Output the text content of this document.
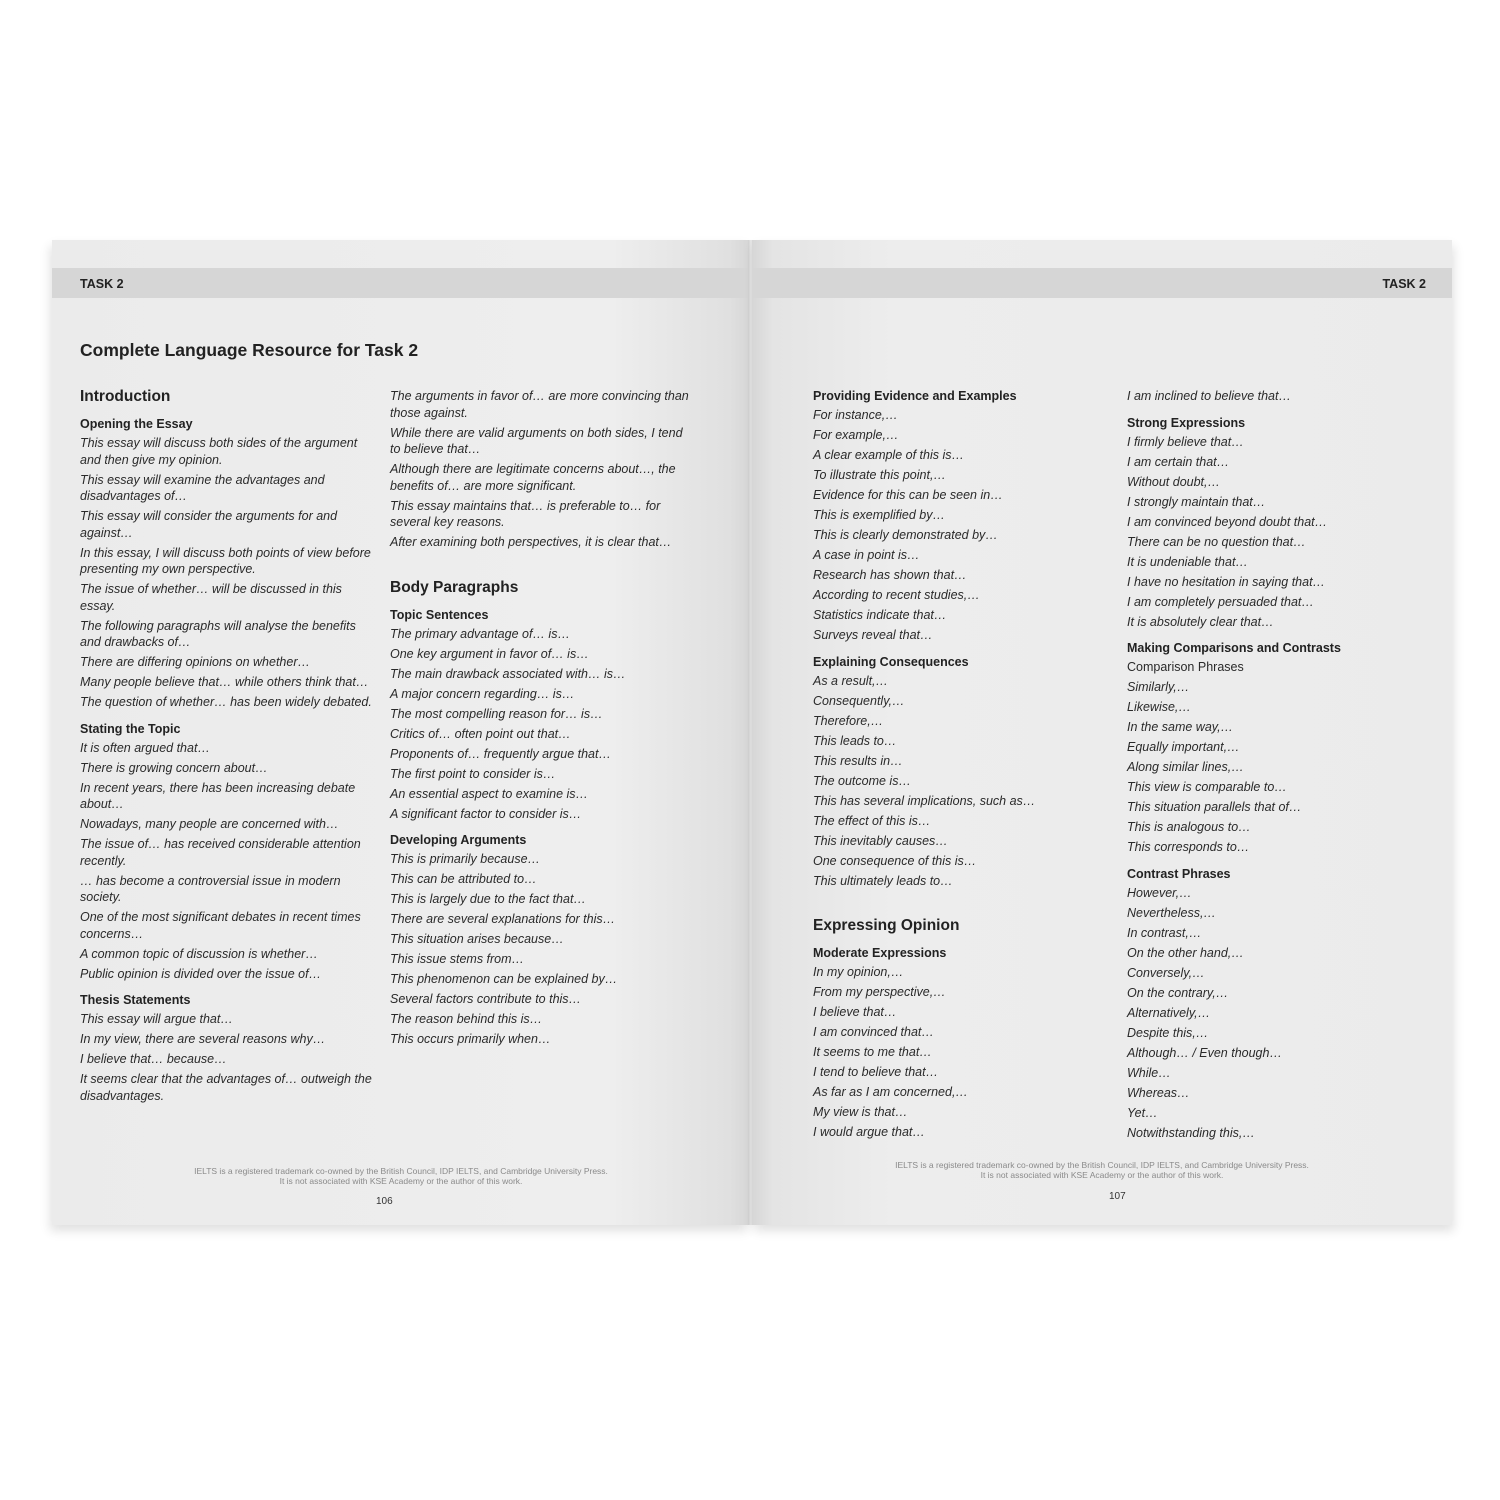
TASK 2
Complete Language Resource for Task 2
Introduction
Opening the Essay
This essay will discuss both sides of the argument and then give my opinion.
This essay will examine the advantages and disadvantages of…
This essay will consider the arguments for and against…
In this essay, I will discuss both points of view before presenting my own perspective.
The issue of whether… will be discussed in this essay.
The following paragraphs will analyse the benefits and drawbacks of…
There are differing opinions on whether…
Many people believe that… while others think that…
The question of whether… has been widely debated.
Stating the Topic
It is often argued that…
There is growing concern about…
In recent years, there has been increasing debate about…
Nowadays, many people are concerned with…
The issue of… has received considerable attention recently.
… has become a controversial issue in modern society.
One of the most significant debates in recent times concerns…
A common topic of discussion is whether…
Public opinion is divided over the issue of…
Thesis Statements
This essay will argue that…
In my view, there are several reasons why…
I believe that… because…
It seems clear that the advantages of… outweigh the disadvantages.
The arguments in favor of… are more convincing than those against.
While there are valid arguments on both sides, I tend to believe that…
Although there are legitimate concerns about…, the benefits of… are more significant.
This essay maintains that… is preferable to… for several key reasons.
After examining both perspectives, it is clear that…
Body Paragraphs
Topic Sentences
The primary advantage of… is…
One key argument in favor of… is…
The main drawback associated with… is…
A major concern regarding… is…
The most compelling reason for… is…
Critics of… often point out that…
Proponents of… frequently argue that…
The first point to consider is…
An essential aspect to examine is…
A significant factor to consider is…
Developing Arguments
This is primarily because…
This can be attributed to…
This is largely due to the fact that…
There are several explanations for this…
This situation arises because…
This issue stems from…
This phenomenon can be explained by…
Several factors contribute to this…
The reason behind this is…
This occurs primarily when…
IELTS is a registered trademark co-owned by the British Council, IDP IELTS, and Cambridge University Press.
It is not associated with KSE Academy or the author of this work.
106
TASK 2
Providing Evidence and Examples
For instance,…
For example,…
A clear example of this is…
To illustrate this point,…
Evidence for this can be seen in…
This is exemplified by…
This is clearly demonstrated by…
A case in point is…
Research has shown that…
According to recent studies,…
Statistics indicate that…
Surveys reveal that…
Explaining Consequences
As a result,…
Consequently,…
Therefore,…
This leads to…
This results in…
The outcome is…
This has several implications, such as…
The effect of this is…
This inevitably causes…
One consequence of this is…
This ultimately leads to…
Expressing Opinion
Moderate Expressions
In my opinion,…
From my perspective,…
I believe that…
I am convinced that…
It seems to me that…
I tend to believe that…
As far as I am concerned,…
My view is that…
I would argue that…
I am inclined to believe that…
Strong Expressions
I firmly believe that…
I am certain that…
Without doubt,…
I strongly maintain that…
I am convinced beyond doubt that…
There can be no question that…
It is undeniable that…
I have no hesitation in saying that…
I am completely persuaded that…
It is absolutely clear that…
Making Comparisons and Contrasts
Comparison Phrases
Similarly,…
Likewise,…
In the same way,…
Equally important,…
Along similar lines,…
This view is comparable to…
This situation parallels that of…
This is analogous to…
This corresponds to…
Contrast Phrases
However,…
Nevertheless,…
In contrast,…
On the other hand,…
Conversely,…
On the contrary,…
Alternatively,…
Despite this,…
Although… / Even though…
While…
Whereas…
Yet…
Notwithstanding this,…
IELTS is a registered trademark co-owned by the British Council, IDP IELTS, and Cambridge University Press.
It is not associated with KSE Academy or the author of this work.
107
